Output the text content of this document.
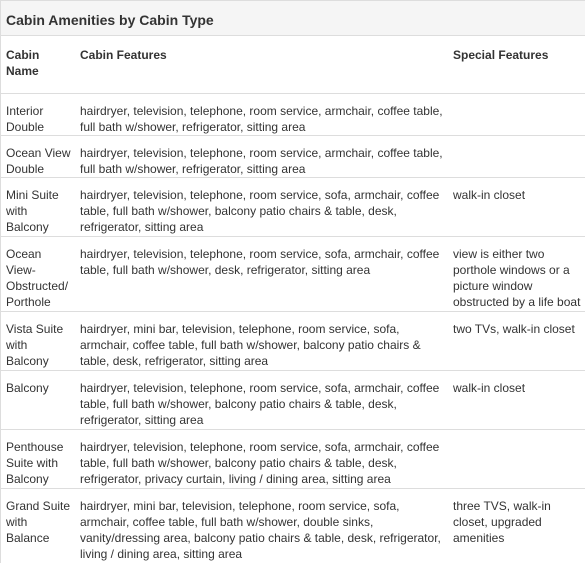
Cabin Amenities by Cabin Type
Cabin Name	Cabin Features	Special Features
Interior Double	hairdryer, television, telephone, room service, armchair, coffee table, full bath w/shower, refrigerator, sitting area	
Ocean View Double	hairdryer, television, telephone, room service, armchair, coffee table, full bath w/shower, refrigerator, sitting area	
Mini Suite with Balcony	hairdryer, television, telephone, room service, sofa, armchair, coffee table, full bath w/shower, balcony patio chairs & table, desk, refrigerator, sitting area	walk-in closet
Ocean View-Obstructed/ Porthole	hairdryer, television, telephone, room service, sofa, armchair, coffee table, full bath w/shower, desk, refrigerator, sitting area	view is either two porthole windows or a picture window obstructed by a life boat
Vista Suite with Balcony	hairdryer, mini bar, television, telephone, room service, sofa, armchair, coffee table, full bath w/shower, balcony patio chairs & table, desk, refrigerator, sitting area	two TVs, walk-in closet
Balcony	hairdryer, television, telephone, room service, sofa, armchair, coffee table, full bath w/shower, balcony patio chairs & table, desk, refrigerator, sitting area	walk-in closet
Penthouse Suite with Balcony	hairdryer, television, telephone, room service, sofa, armchair, coffee table, full bath w/shower, balcony patio chairs & table, desk, refrigerator, privacy curtain, living / dining area, sitting area	
Grand Suite with Balance	hairdryer, mini bar, television, telephone, room service, sofa, armchair, coffee table, full bath w/shower, double sinks, vanity/dressing area, balcony patio chairs & table, desk, refrigerator, living / dining area, sitting area	three TVS, walk-in closet, upgraded amenities
